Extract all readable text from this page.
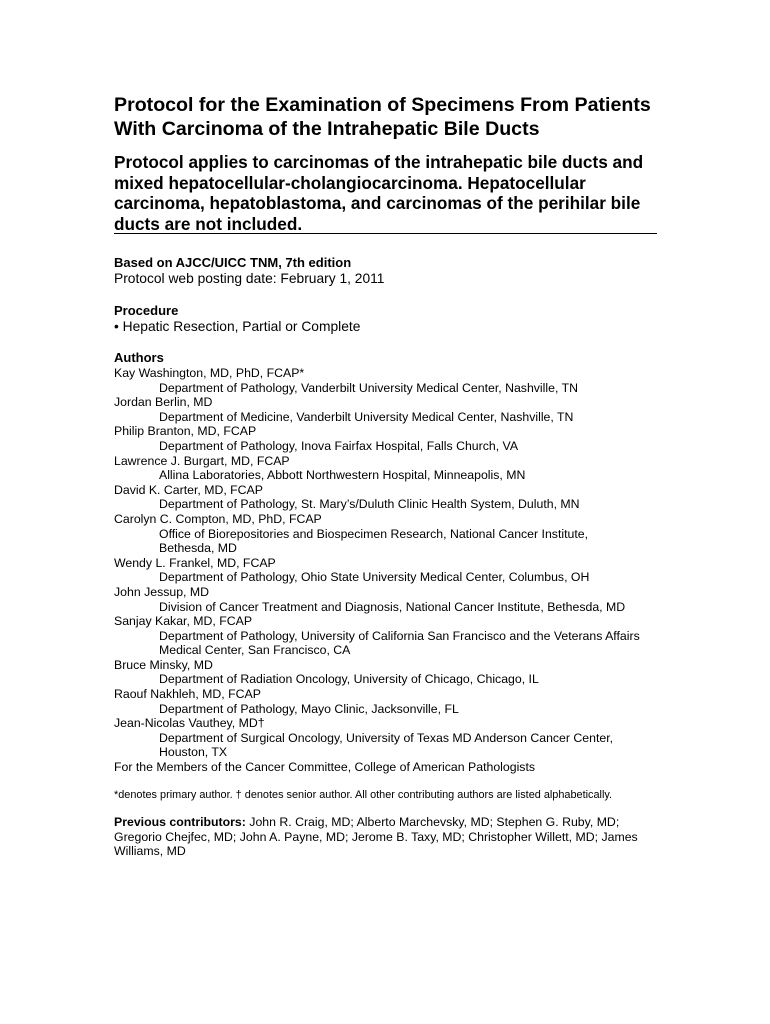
Protocol for the Examination of Specimens From Patients With Carcinoma of the Intrahepatic Bile Ducts
Protocol applies to carcinomas of the intrahepatic bile ducts and mixed hepatocellular-cholangiocarcinoma. Hepatocellular carcinoma, hepatoblastoma, and carcinomas of the perihilar bile ducts are not included.
Based on AJCC/UICC TNM, 7th edition
Protocol web posting date: February 1, 2011
Procedure
• Hepatic Resection, Partial or Complete
Authors
Kay Washington, MD, PhD, FCAP*
Department of Pathology, Vanderbilt University Medical Center, Nashville, TN
Jordan Berlin, MD
Department of Medicine, Vanderbilt University Medical Center, Nashville, TN
Philip Branton, MD, FCAP
Department of Pathology, Inova Fairfax Hospital, Falls Church, VA
Lawrence J. Burgart, MD, FCAP
Allina Laboratories, Abbott Northwestern Hospital, Minneapolis, MN
David K. Carter, MD, FCAP
Department of Pathology, St. Mary’s/Duluth Clinic Health System, Duluth, MN
Carolyn C. Compton, MD, PhD, FCAP
Office of Biorepositories and Biospecimen Research, National Cancer Institute,
Bethesda, MD
Wendy L. Frankel, MD, FCAP
Department of Pathology, Ohio State University Medical Center, Columbus, OH
John Jessup, MD
Division of Cancer Treatment and Diagnosis, National Cancer Institute, Bethesda, MD
Sanjay Kakar, MD, FCAP
Department of Pathology, University of California San Francisco and the Veterans Affairs
Medical Center, San Francisco, CA
Bruce Minsky, MD
Department of Radiation Oncology, University of Chicago, Chicago, IL
Raouf Nakhleh, MD, FCAP
Department of Pathology, Mayo Clinic, Jacksonville, FL
Jean-Nicolas Vauthey, MD†
Department of Surgical Oncology, University of Texas MD Anderson Cancer Center,
Houston, TX
For the Members of the Cancer Committee, College of American Pathologists
*denotes primary author. † denotes senior author. All other contributing authors are listed alphabetically.
Previous contributors: John R. Craig, MD; Alberto Marchevsky, MD; Stephen G. Ruby, MD; Gregorio Chejfec, MD; John A. Payne, MD; Jerome B. Taxy, MD; Christopher Willett, MD; James Williams, MD
